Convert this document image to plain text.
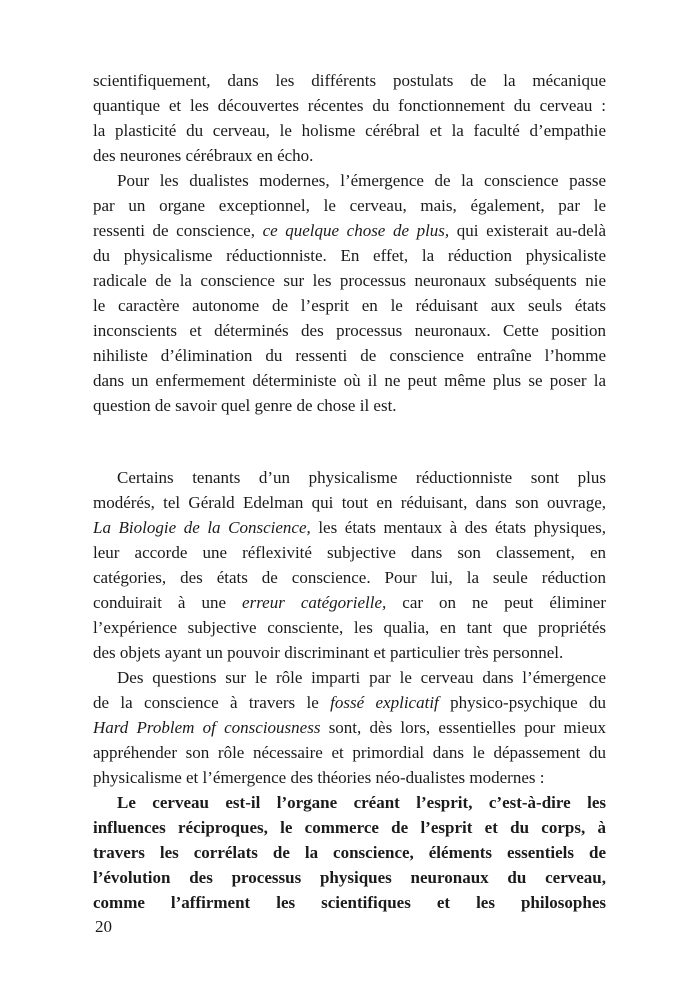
scientifiquement, dans les différents postulats de la mécanique
quantique et les découvertes récentes du fonctionnement du cerveau :
la plasticité du cerveau, le holisme cérébral et la faculté d’empathie
des neurones cérébraux en écho.
Pour les dualistes modernes, l’émergence de la conscience passe
par un organe exceptionnel, le cerveau, mais, également, par le
ressenti de conscience, ce quelque chose de plus, qui existerait au-delà
du physicalisme réductionniste. En effet, la réduction physicaliste
radicale de la conscience sur les processus neuronaux subséquents nie
le caractère autonome de l’esprit en le réduisant aux seuls états
inconscients et déterminés des processus neuronaux. Cette position
nihiliste d’élimination du ressenti de conscience entraîne l’homme
dans un enfermement déterministe où il ne peut même plus se poser la
question de savoir quel genre de chose il est.
Certains tenants d’un physicalisme réductionniste sont plus
modérés, tel Gérald Edelman qui tout en réduisant, dans son ouvrage,
La Biologie de la Conscience, les états mentaux à des états physiques,
leur accorde une réflexivité subjective dans son classement, en
catégories, des états de conscience. Pour lui, la seule réduction
conduirait à une erreur catégorielle, car on ne peut éliminer
l’expérience subjective consciente, les qualia, en tant que propriétés
des objets ayant un pouvoir discriminant et particulier très personnel.
Des questions sur le rôle imparti par le cerveau dans l’émergence
de la conscience à travers le fossé explicatif physico-psychique du
Hard Problem of consciousness sont, dès lors, essentielles pour mieux
appréhender son rôle nécessaire et primordial dans le dépassement du
physicalisme et l’émergence des théories néo-dualistes modernes :
Le cerveau est-il l’organe créant l’esprit, c’est-à-dire les
influences réciproques, le commerce de l’esprit et du corps, à
travers les corrélats de la conscience, éléments essentiels de
l’évolution des processus physiques neuronaux du cerveau,
comme l’affirment les scientifiques et les philosophes
20
